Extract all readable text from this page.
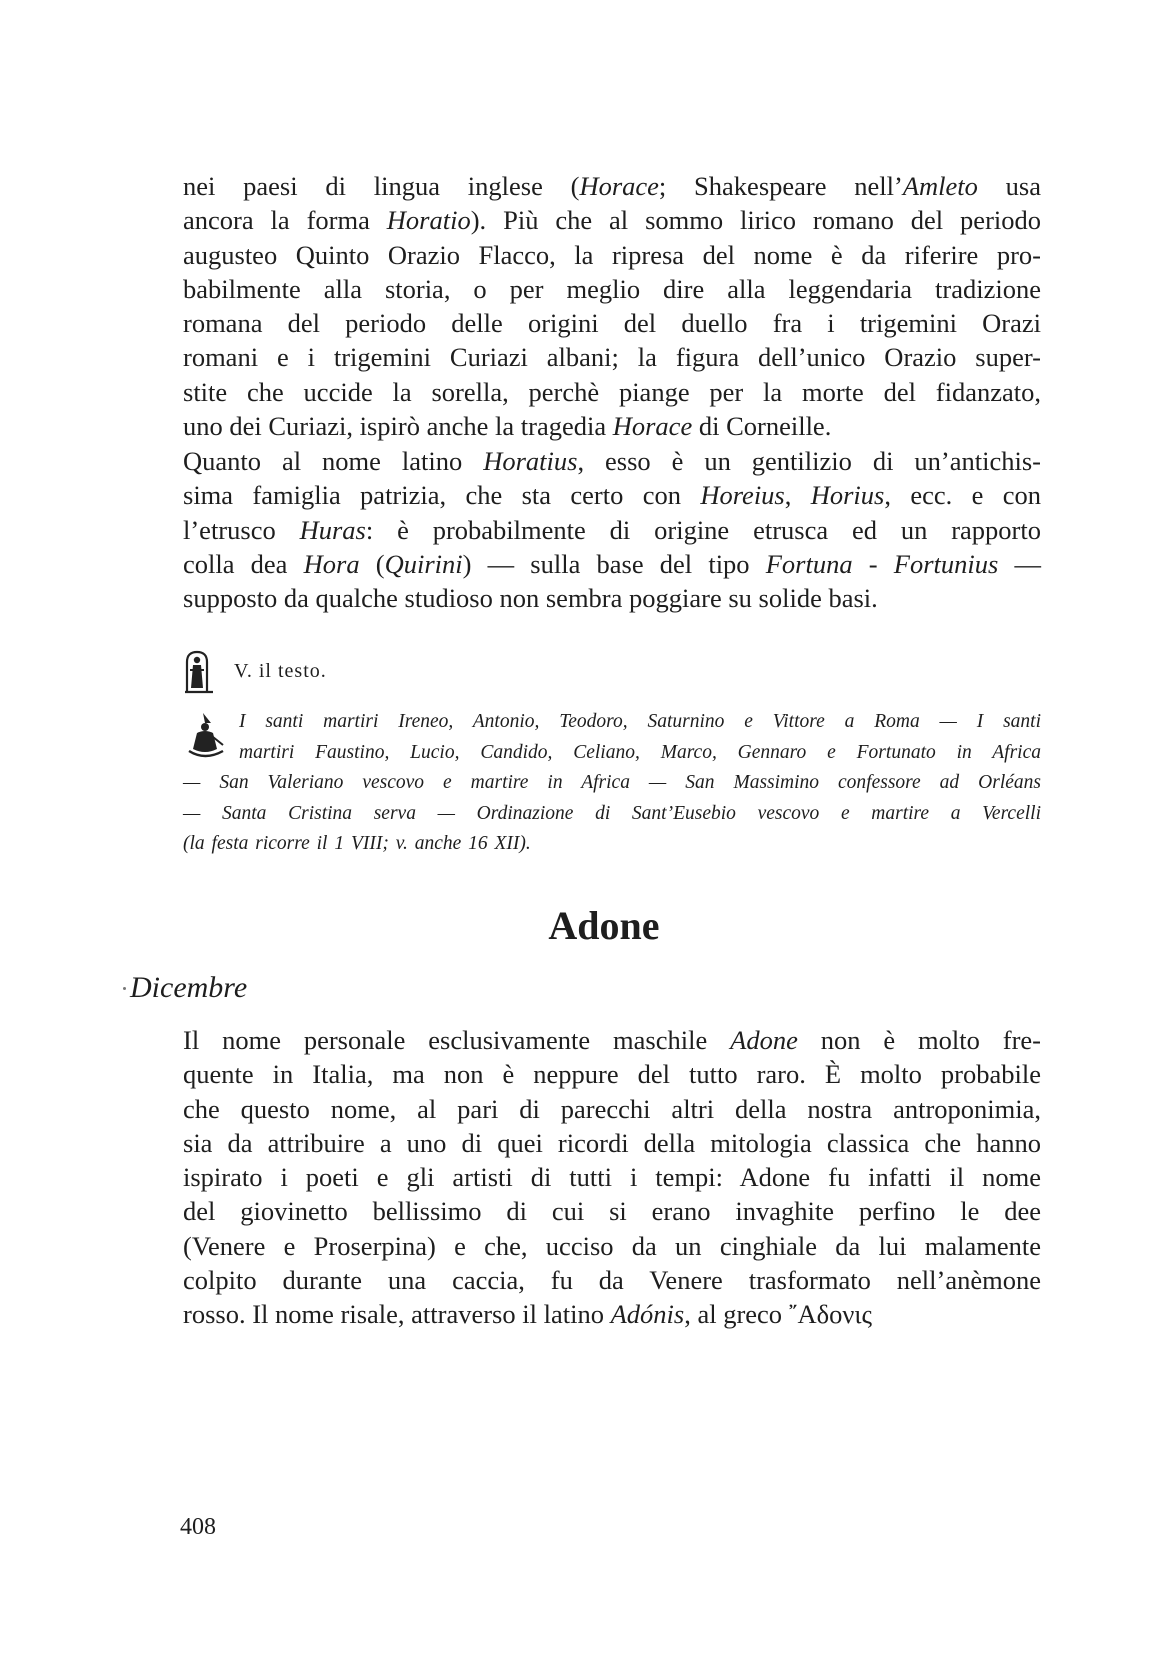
nei paesi di lingua inglese (Horace; Shakespeare nell’Amleto usa
ancora la forma Horatio). Più che al sommo lirico romano del periodo
augusteo Quinto Orazio Flacco, la ripresa del nome è da riferire pro-
babilmente alla storia, o per meglio dire alla leggendaria tradizione
romana del periodo delle origini del duello fra i trigemini Orazi
romani e i trigemini Curiazi albani; la figura dell’unico Orazio super-
stite che uccide la sorella, perchè piange per la morte del fidanzato,
uno dei Curiazi, ispirò anche la tragedia Horace di Corneille.
Quanto al nome latino Horatius, esso è un gentilizio di un’antichis-
sima famiglia patrizia, che sta certo con Horeius, Horius, ecc. e con
l’etrusco Huras: è probabilmente di origine etrusca ed un rapporto
colla dea Hora (Quirini) — sulla base del tipo Fortuna - Fortunius —
supposto da qualche studioso non sembra poggiare su solide basi.
V. il testo.
I santi martiri Ireneo, Antonio, Teodoro, Saturnino e Vittore a Roma — I santi
martiri Faustino, Lucio, Candido, Celiano, Marco, Gennaro e Fortunato in Africa
— San Valeriano vescovo e martire in Africa — San Massimino confessore ad Orléans
— Santa Cristina serva — Ordinazione di Sant’Eusebio vescovo e martire a Vercelli
(la festa ricorre il 1 VIII; v. anche 16 XII).
Adone
Dicembre
Il nome personale esclusivamente maschile Adone non è molto fre-
quente in Italia, ma non è neppure del tutto raro. È molto probabile
che questo nome, al pari di parecchi altri della nostra antroponimia,
sia da attribuire a uno di quei ricordi della mitologia classica che hanno
ispirato i poeti e gli artisti di tutti i tempi: Adone fu infatti il nome
del giovinetto bellissimo di cui si erano invaghite perfino le dee
(Venere e Proserpina) e che, ucciso da un cinghiale da lui malamente
colpito durante una caccia, fu da Venere trasformato nell’anèmone
rosso. Il nome risale, attraverso il latino Adónis, al greco ῎Αδονις
408
